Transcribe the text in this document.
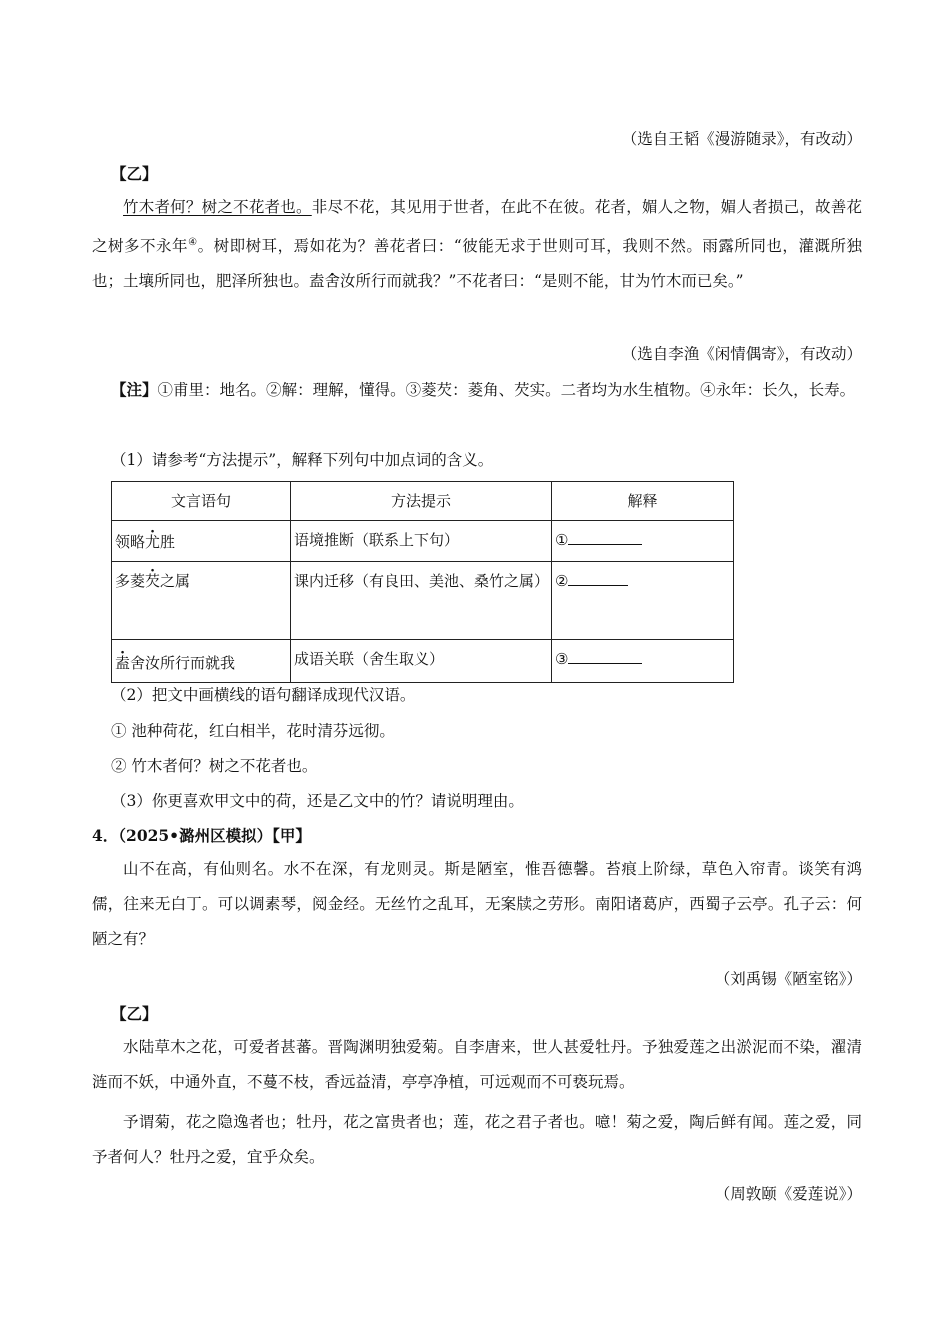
（选自王韬《漫游随录》，有改动）
【乙】
竹木者何？树之不花者也。非尽不花，其见用于世者，在此不在彼。花者，媚人之物，媚人者损己，故善花之树多不永年④。树即树耳，焉如花为？善花者曰：“彼能无求于世则可耳，我则不然。雨露所同也，灌溉所独也；土壤所同也，肥泽所独也。盍舍汝所行而就我？”不花者曰：“是则不能，甘为竹木而已矣。”
（选自李渔《闲情偶寄》，有改动）
【注】①甫里：地名。②解：理解，懂得。③菱芡：菱角、芡实。二者均为水生植物。④永年：长久，长寿。
（1）请参考“方法提示”，解释下列句中加点词的含义。
文言语句	方法提示	解释
领略尤胜	语境推断（联系上下句）	①
多菱芡之属	课内迁移（有良田、美池、桑竹之属）	②
盍舍汝所行而就我	成语关联（舍生取义）	③
（2）把文中画横线的语句翻译成现代汉语。
① 池种荷花，红白相半，花时清芬远彻。
② 竹木者何？树之不花者也。
（3）你更喜欢甲文中的荷，还是乙文中的竹？请说明理由。
4．（2025•潞州区模拟）【甲】
山不在高，有仙则名。水不在深，有龙则灵。斯是陋室，惟吾德馨。苔痕上阶绿，草色入帘青。谈笑有鸿儒，往来无白丁。可以调素琴，阅金经。无丝竹之乱耳，无案牍之劳形。南阳诸葛庐，西蜀子云亭。孔子云：何陋之有？
（刘禹锡《陋室铭》）
【乙】
水陆草木之花，可爱者甚蕃。晋陶渊明独爱菊。自李唐来，世人甚爱牡丹。予独爱莲之出淤泥而不染，濯清涟而不妖，中通外直，不蔓不枝，香远益清，亭亭净植，可远观而不可亵玩焉。
予谓菊，花之隐逸者也；牡丹，花之富贵者也；莲，花之君子者也。噫！菊之爱，陶后鲜有闻。莲之爱，同予者何人？牡丹之爱，宜乎众矣。
（周敦颐《爱莲说》）
